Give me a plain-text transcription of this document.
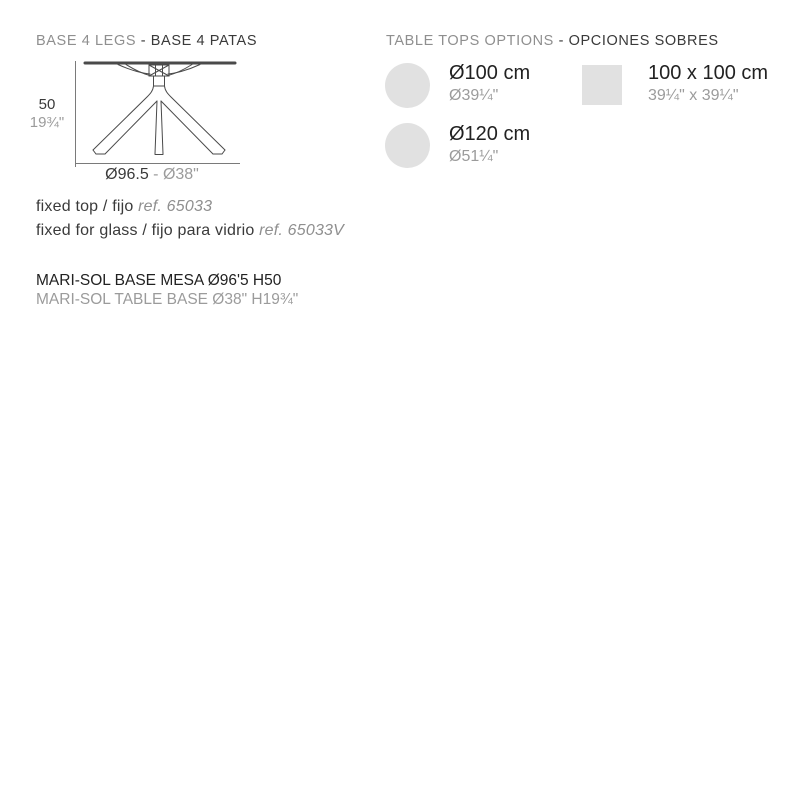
BASE 4 LEGS - BASE 4 PATAS
50
19¾"
Ø96.5 - Ø38"
fixed top / fijo ref. 65033
fixed for glass / fijo para vidrio ref. 65033V
MARI-SOL BASE MESA Ø96'5 H50
MARI-SOL TABLE BASE Ø38" H19¾"
TABLE TOPS OPTIONS - OPCIONES SOBRES
Ø100 cm
Ø39¼"
100 x 100 cm
39¼" x 39¼"
Ø120 cm
Ø51¼"
